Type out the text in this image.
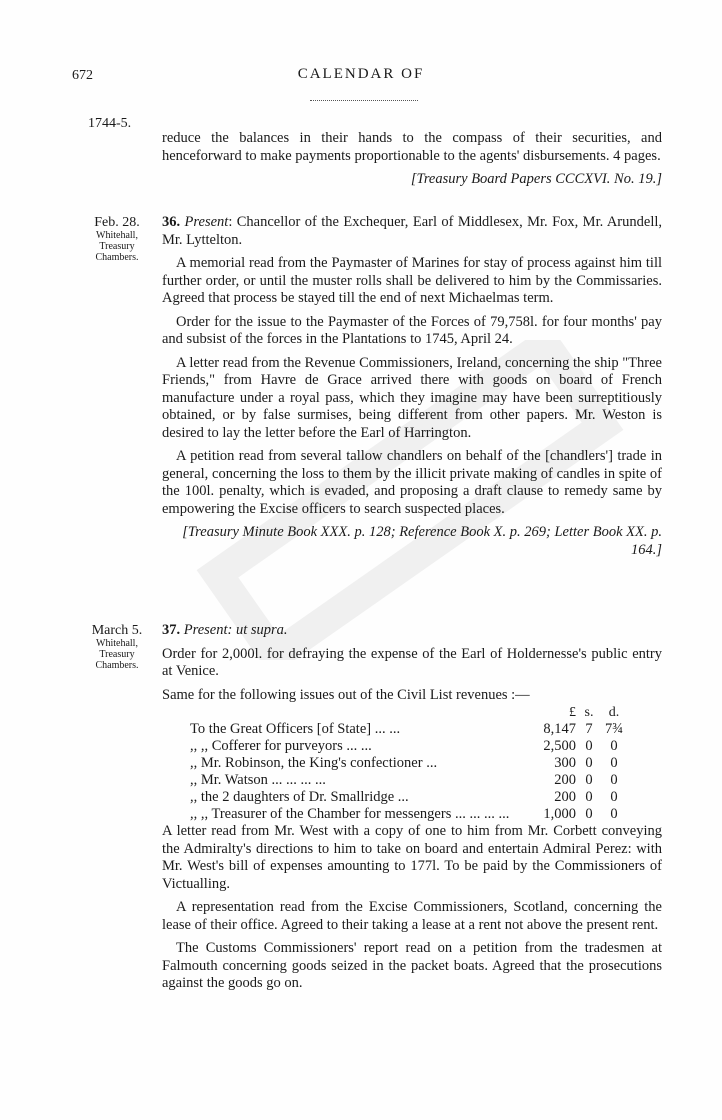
672	CALENDAR OF
1744-5.
Feb. 28.
Whitehall,
Treasury
Chambers.
March 5.
Whitehall,
Treasury
Chambers.

reduce the balances in their hands to the compass of their securities, and henceforward to make payments proportionable to the agents' disbursements. 4 pages.

[Treasury Board Papers CCCXVI. No. 19.]

36. Present: Chancellor of the Exchequer, Earl of Middlesex, Mr. Fox, Mr. Arundell, Mr. Lyttelton.

A memorial read from the Paymaster of Marines for stay of process against him till further order, or until the muster rolls shall be delivered to him by the Commissaries. Agreed that process be stayed till the end of next Michaelmas term.

Order for the issue to the Paymaster of the Forces of 79,758l. for four months' pay and subsist of the forces in the Plantations to 1745, April 24.

A letter read from the Revenue Commissioners, Ireland, concerning the ship "Three Friends," from Havre de Grace arrived there with goods on board of French manufacture under a royal pass, which they imagine may have been surreptitiously obtained, or by false surmises, being different from other papers. Mr. Weston is desired to lay the letter before the Earl of Harrington.

A petition read from several tallow chandlers on behalf of the [chandlers'] trade in general, concerning the loss to them by the illicit private making of candles in spite of the 100l. penalty, which is evaded, and proposing a draft clause to remedy same by empowering the Excise officers to search suspected places.

[Treasury Minute Book XXX. p. 128; Reference Book X. p. 269; Letter Book XX. p. 164.]

37. Present: ut supra.

Order for 2,000l. for defraying the expense of the Earl of Holdernesse's public entry at Venice.

Same for the following issues out of the Civil List revenues :—

	£	s.	d.
To the Great Officers [of State] ... ...	8,147	7	7¾
,, ,, Cofferer for purveyors ... ...	2,500	0	0
,, Mr. Robinson, the King's confectioner ...	300	0	0
,, Mr. Watson ... ... ... ...	200	0	0
,, the 2 daughters of Dr. Smallridge ...	200	0	0
,, ,, Treasurer of the Chamber for messengers ... ... ... ...	1,000	0	0

A letter read from Mr. West with a copy of one to him from Mr. Corbett conveying the Admiralty's directions to him to take on board and entertain Admiral Perez: with Mr. West's bill of expenses amounting to 177l. To be paid by the Commissioners of Victualling.

A representation read from the Excise Commissioners, Scotland, concerning the lease of their office. Agreed to their taking a lease at a rent not above the present rent.

The Customs Commissioners' report read on a petition from the tradesmen at Falmouth concerning goods seized in the packet boats. Agreed that the prosecutions against the goods go on.
